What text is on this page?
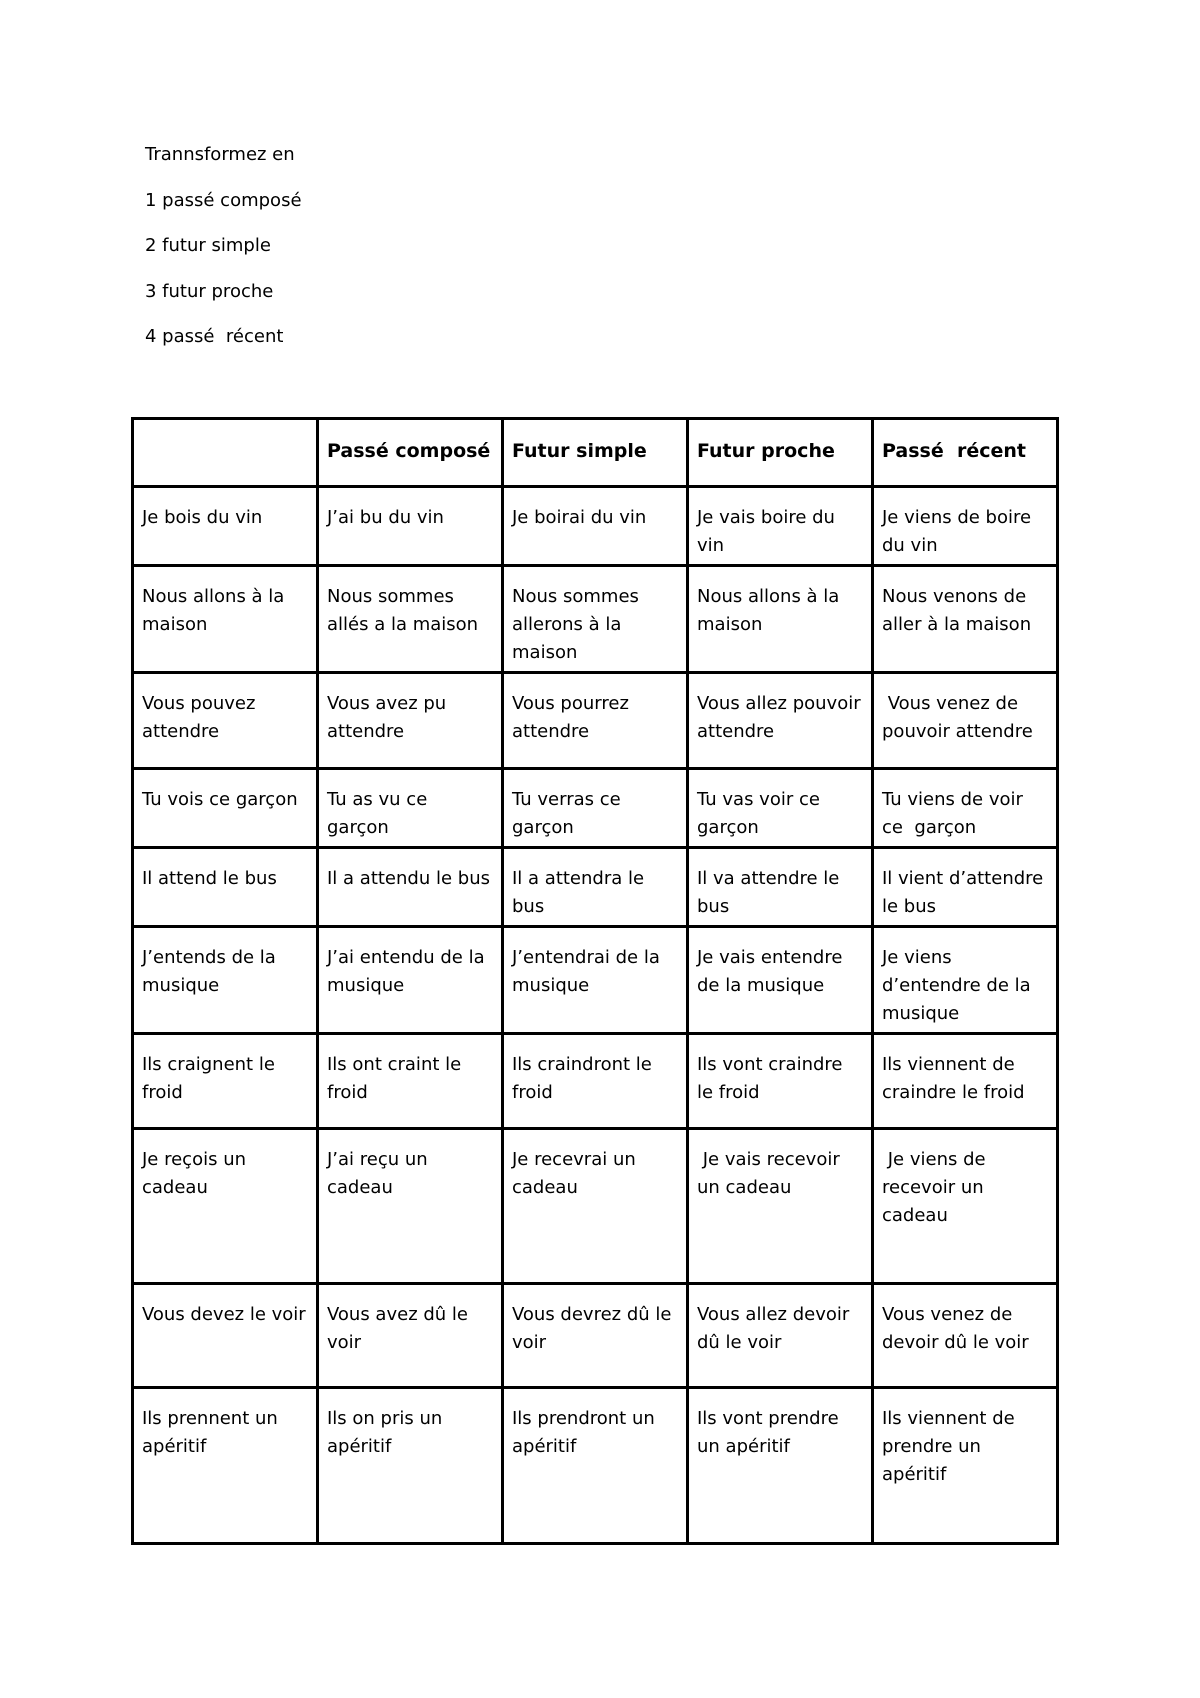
Trannsformez en
1 passé composé
2 futur simple
3 futur proche
4 passé  récent
	Passé composé	Futur simple	Futur proche	Passé  récent
Je bois du vin	J’ai bu du vin	Je boirai du vin	Je vais boire du vin	Je viens de boire du vin
Nous allons à la maison	Nous sommes allés a la maison	Nous sommes allerons à la maison	Nous allons à la maison	Nous venons de aller à la maison
Vous pouvez attendre	Vous avez pu attendre	Vous pourrez attendre	Vous allez pouvoir attendre	Vous venez de pouvoir attendre
Tu vois ce garçon	Tu as vu ce garçon	Tu verras ce garçon	Tu vas voir ce garçon	Tu viens de voir  ce  garçon
Il attend le bus	Il a attendu le bus	Il a attendra le bus	Il va attendre le bus	Il vient d’attendre le bus
J’entends de la musique	J’ai entendu de la musique	J’entendrai de la musique	Je vais entendre de la musique	Je viens d’entendre de la musique
Ils craignent le froid	Ils ont craint le froid	Ils craindront le froid	Ils vont craindre le froid	Ils viennent de craindre le froid
Je reçois un cadeau	J’ai reçu un cadeau	Je recevrai un cadeau	Je vais recevoir un cadeau	Je viens de recevoir un cadeau
Vous devez le voir	Vous avez dû le voir	Vous devrez dû le voir	Vous allez devoir dû le voir	Vous venez de devoir dû le voir
Ils prennent un apéritif	Ils on pris un apéritif	Ils prendront un apéritif	Ils vont prendre un apéritif	Ils viennent de prendre un apéritif
